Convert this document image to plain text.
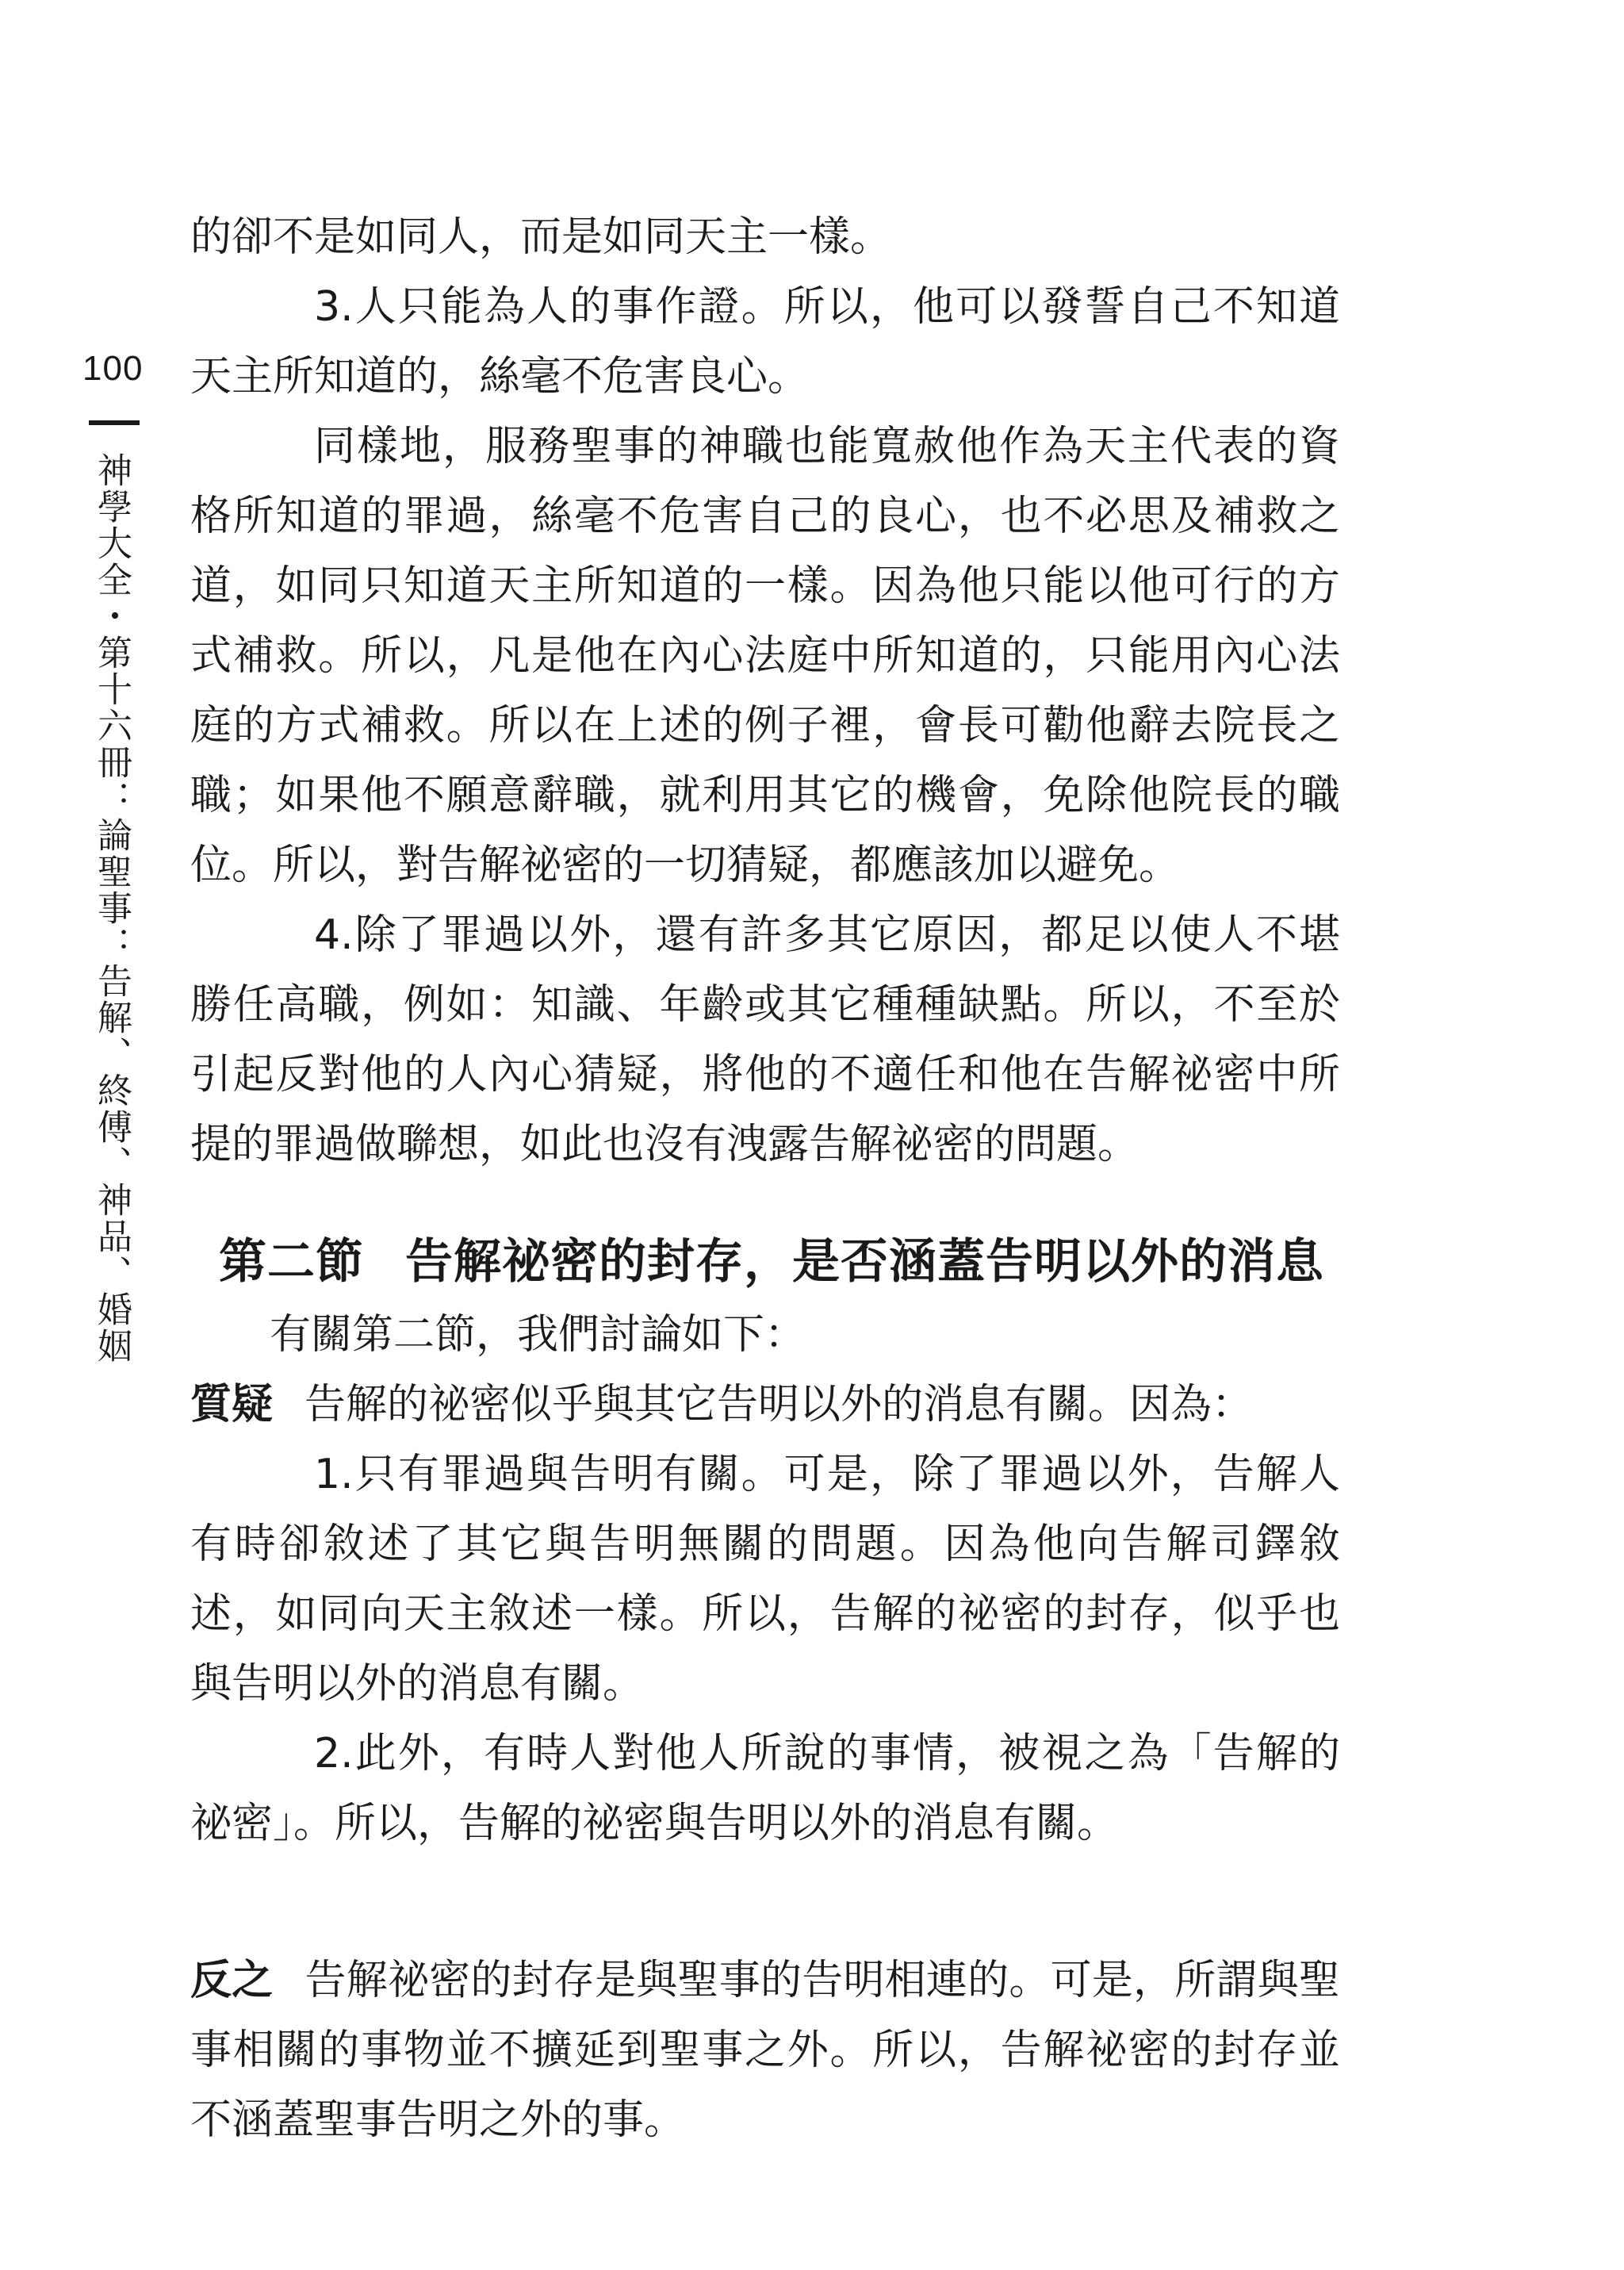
100
神學大全・第十六冊：論聖事：告解、終傅、神品、婚姻

的卻不是如同人，而是如同天主一樣。

3.人只能為人的事作證。所以，他可以發誓自己不知道天主所知道的，絲毫不危害良心。

同樣地，服務聖事的神職也能寬赦他作為天主代表的資格所知道的罪過，絲毫不危害自己的良心，也不必思及補救之道，如同只知道天主所知道的一樣。因為他只能以他可行的方式補救。所以，凡是他在內心法庭中所知道的，只能用內心法庭的方式補救。所以在上述的例子裡，會長可勸他辭去院長之職；如果他不願意辭職，就利用其它的機會，免除他院長的職位。所以，對告解祕密的一切猜疑，都應該加以避免。

4.除了罪過以外，還有許多其它原因，都足以使人不堪勝任高職，例如：知識、年齡或其它種種缺點。所以，不至於引起反對他的人內心猜疑，將他的不適任和他在告解祕密中所提的罪過做聯想，如此也沒有洩露告解祕密的問題。

第二節 告解祕密的封存，是否涵蓋告明以外的消息

有關第二節，我們討論如下：

質疑 告解的祕密似乎與其它告明以外的消息有關。因為：

1.只有罪過與告明有關。可是，除了罪過以外，告解人有時卻敘述了其它與告明無關的問題。因為他向告解司鐸敘述，如同向天主敘述一樣。所以，告解的祕密的封存，似乎也與告明以外的消息有關。

2.此外，有時人對他人所說的事情，被視之為「告解的祕密」。所以，告解的祕密與告明以外的消息有關。

反之 告解祕密的封存是與聖事的告明相連的。可是，所謂與聖事相關的事物並不擴延到聖事之外。所以，告解祕密的封存並不涵蓋聖事告明之外的事。
